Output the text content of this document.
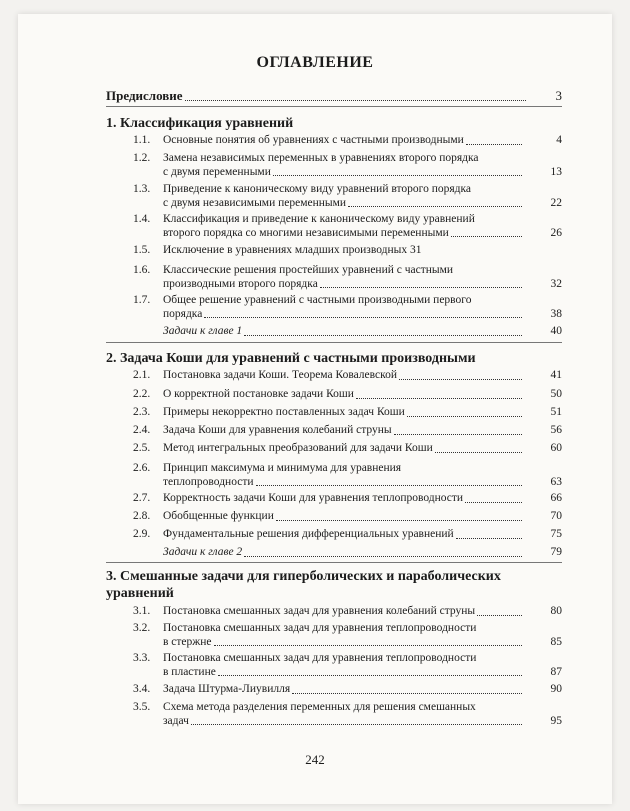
ОГЛАВЛЕНИЕ
Предисловие	3
1. Классификация уравнений
1.1.	Основные понятия об уравнениях с частными производными	4
1.2.	Замена независимых переменных в уравнениях второго порядка
с двумя переменными	13
1.3.	Приведение к каноническому виду уравнений второго порядка
с двумя независимыми переменными	22
1.4.	Классификация и приведение к каноническому виду уравнений
второго порядка со многими независимыми переменными	26
1.5.	Исключение в уравнениях младших производных 31
1.6.	Классические решения простейших уравнений с частными
производными второго порядка	32
1.7.	Общее решение уравнений с частными производными первого
порядка	38
Задачи к главе 1	40
2. Задача Коши для уравнений с частными производными
2.1.	Постановка задачи Коши. Теорема Ковалевской	41
2.2.	О корректной постановке задачи Коши	50
2.3.	Примеры некорректно поставленных задач Коши	51
2.4.	Задача Коши для уравнения колебаний струны	56
2.5.	Метод интегральных преобразований для задачи Коши	60
2.6.	Принцип максимума и минимума для уравнения
теплопроводности	63
2.7.	Корректность задачи Коши для уравнения теплопроводности	66
2.8.	Обобщенные функции	70
2.9.	Фундаментальные решения дифференциальных уравнений	75
Задачи к главе 2	79
3. Смешанные задачи для гиперболических и параболических уравнений
3.1.	Постановка смешанных задач для уравнения колебаний струны	80
3.2.	Постановка смешанных задач для уравнения теплопроводности
в стержне	85
3.3.	Постановка смешанных задач для уравнения теплопроводности
в пластине	87
3.4.	Задача Штурма-Лиувилля	90
3.5.	Схема метода разделения переменных для решения смешанных
задач	95
242
